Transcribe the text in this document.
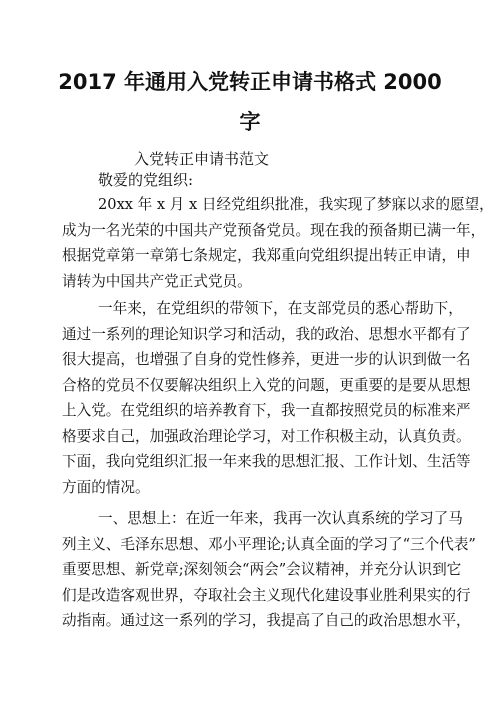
2017 年通用入党转正申请书格式 2000
字

入党转正申请书范文

敬爱的党组织:

20xx 年 x 月 x 日经党组织批准，我实现了梦寐以求的愿望，
成为一名光荣的中国共产党预备党员。现在我的预备期已满一年，
根据党章第一章第七条规定，我郑重向党组织提出转正申请，申
请转为中国共产党正式党员。
一年来，在党组织的带领下，在支部党员的悉心帮助下，
通过一系列的理论知识学习和活动，我的政治、思想水平都有了
很大提高，也增强了自身的党性修养，更进一步的认识到做一名
合格的党员不仅要解决组织上入党的问题，更重要的是要从思想
上入党。在党组织的培养教育下，我一直都按照党员的标准来严
格要求自己，加强政治理论学习，对工作积极主动，认真负责。
下面，我向党组织汇报一年来我的思想汇报、工作计划、生活等
方面的情况。
一、思想上：在近一年来，我再一次认真系统的学习了马
列主义、毛泽东思想、邓小平理论;认真全面的学习了“三个代表”
重要思想、新党章;深刻领会“两会”会议精神，并充分认识到它
们是改造客观世界，夺取社会主义现代化建设事业胜利果实的行
动指南。通过这一系列的学习，我提高了自己的政治思想水平，
